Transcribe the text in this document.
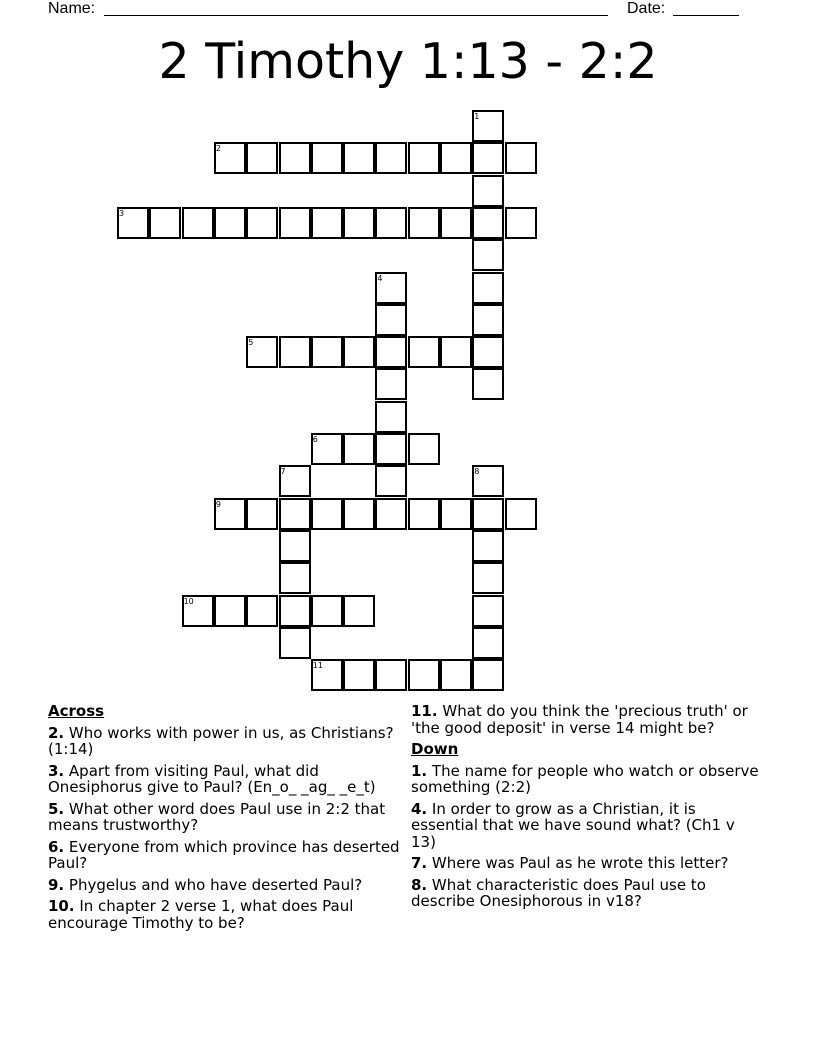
Name:	Date:
2 Timothy 1:13 - 2:2
1
2
3
4
5
6
7	8
9
10
11
Across
2. Who works with power in us, as Christians? (1:14)
3. Apart from visiting Paul, what did Onesiphorus give to Paul? (En_o_ _ag_ _e_t)
5. What other word does Paul use in 2:2 that means trustworthy?
6. Everyone from which province has deserted Paul?
9. Phygelus and who have deserted Paul?
10. In chapter 2 verse 1, what does Paul encourage Timothy to be?
11. What do you think the 'precious truth' or 'the good deposit' in verse 14 might be?
Down
1. The name for people who watch or observe something (2:2)
4. In order to grow as a Christian, it is essential that we have sound what? (Ch1 v 13)
7. Where was Paul as he wrote this letter?
8. What characteristic does Paul use to describe Onesiphorous in v18?
